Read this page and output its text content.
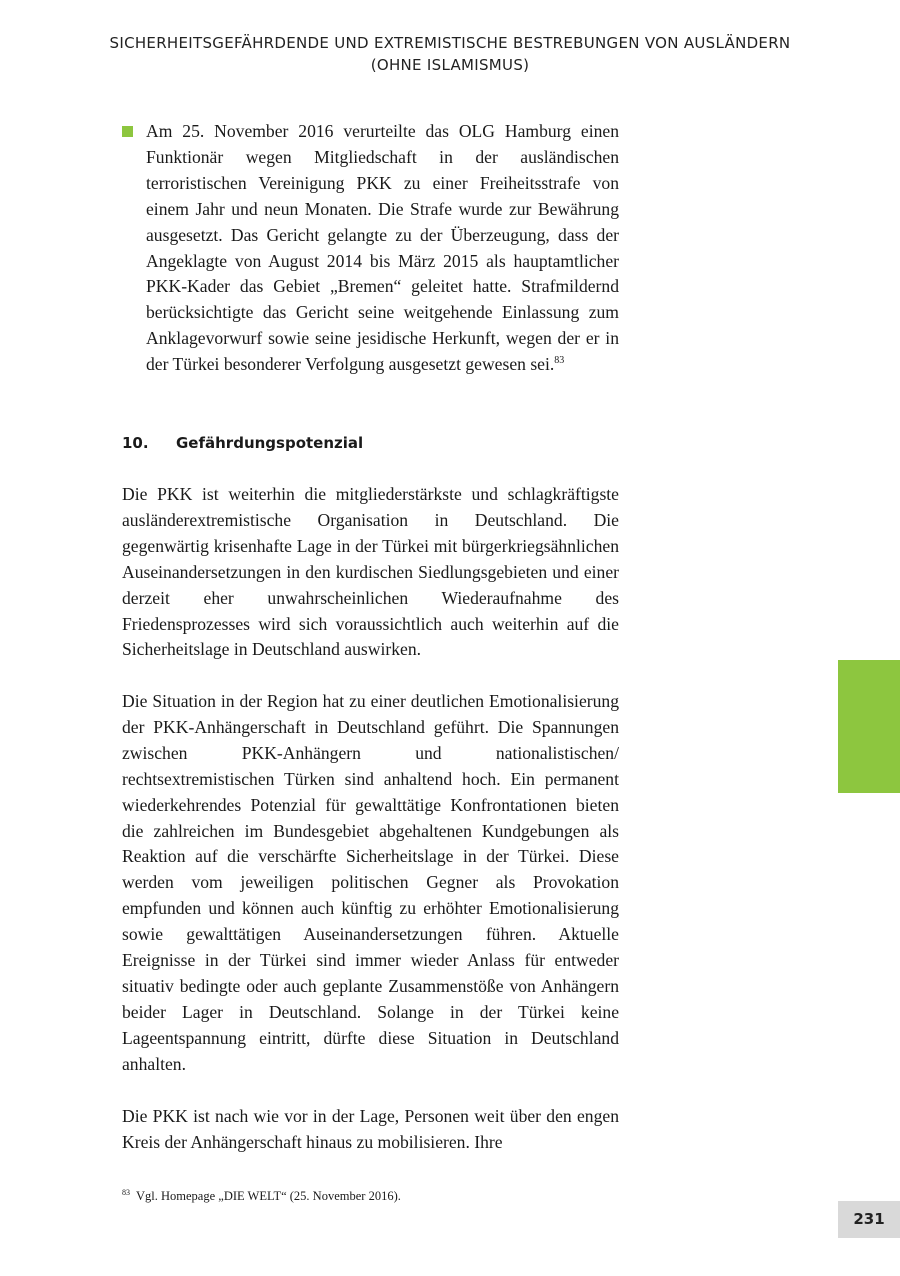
SICHERHEITSGEFÄHRDENDE UND EXTREMISTISCHE BESTREBUNGEN VON AUSLÄNDERN
(OHNE ISLAMISMUS)

Am 25. November 2016 verurteilte das OLG Hamburg einen Funktionär wegen Mitgliedschaft in der ausländischen terroristischen Vereinigung PKK zu einer Freiheitsstrafe von einem Jahr und neun Monaten. Die Strafe wurde zur Bewährung ausgesetzt. Das Gericht gelangte zu der Überzeugung, dass der Angeklagte von August 2014 bis März 2015 als hauptamtlicher PKK-Kader das Gebiet „Bremen“ geleitet hatte. Strafmildernd berücksichtigte das Gericht seine weitgehende Einlassung zum Anklagevorwurf sowie seine jesidische Herkunft, wegen der er in der Türkei besonderer Verfolgung ausgesetzt gewesen sei.$^{83}$

10. Gefährdungspotenzial

Die PKK ist weiterhin die mitgliederstärkste und schlagkräftigste ausländerextremistische Organisation in Deutschland. Die gegenwärtig krisenhafte Lage in der Türkei mit bürgerkriegsähnlichen Auseinandersetzungen in den kurdischen Siedlungsgebieten und einer derzeit eher unwahrscheinlichen Wiederaufnahme des Friedensprozesses wird sich voraussichtlich auch weiterhin auf die Sicherheitslage in Deutschland auswirken.

Die Situation in der Region hat zu einer deutlichen Emotionalisierung der PKK-Anhängerschaft in Deutschland geführt. Die Spannungen zwischen PKK-Anhängern und nationalistischen/ rechtsextremistischen Türken sind anhaltend hoch. Ein permanent wiederkehrendes Potenzial für gewalttätige Konfrontationen bieten die zahlreichen im Bundesgebiet abgehaltenen Kundgebungen als Reaktion auf die verschärfte Sicherheitslage in der Türkei. Diese werden vom jeweiligen politischen Gegner als Provokation empfunden und können auch künftig zu erhöhter Emotionalisierung sowie gewalttätigen Auseinandersetzungen führen. Aktuelle Ereignisse in der Türkei sind immer wieder Anlass für entweder situativ bedingte oder auch geplante Zusammenstöße von Anhängern beider Lager in Deutschland. Solange in der Türkei keine Lageentspannung eintritt, dürfte diese Situation in Deutschland anhalten.

Die PKK ist nach wie vor in der Lage, Personen weit über den engen Kreis der Anhängerschaft hinaus zu mobilisieren. Ihre

$^{83}$ Vgl. Homepage „DIE WELT“ (25. November 2016).
231
